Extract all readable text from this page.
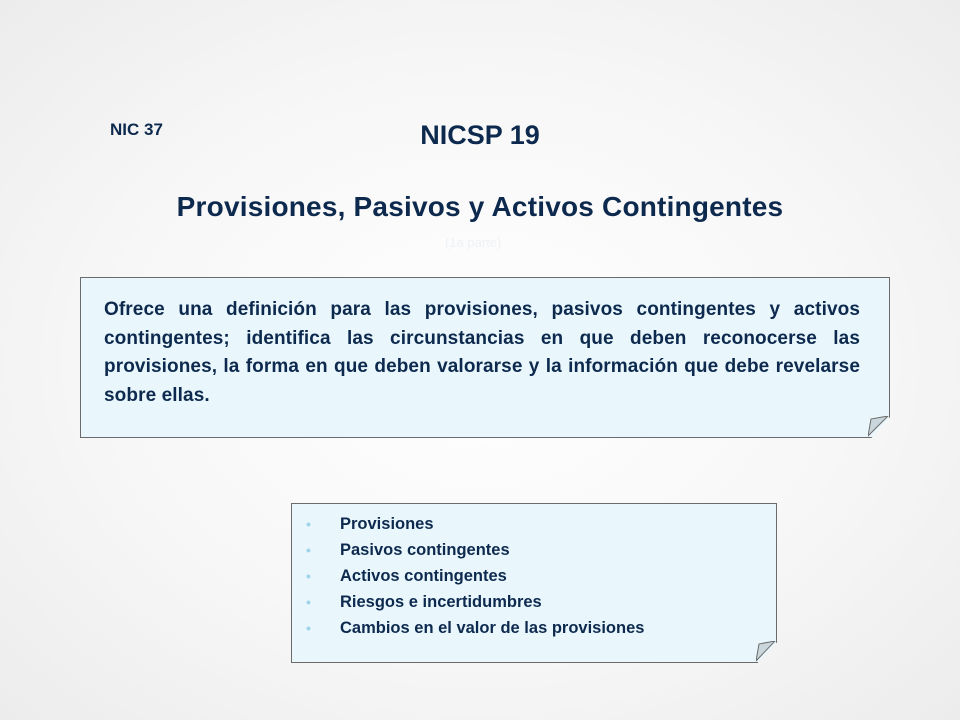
NIC 37	NICSP 19
Provisiones, Pasivos y Activos Contingentes
(1a parte)
Ofrece una definición para las provisiones, pasivos contingentes y activos contingentes; identifica las circunstancias en que deben reconocerse las provisiones, la forma en que deben valorarse y la información que debe revelarse sobre ellas.
•	Provisiones
•	Pasivos contingentes
•	Activos contingentes
•	Riesgos e incertidumbres
•	Cambios en el valor de las provisiones
